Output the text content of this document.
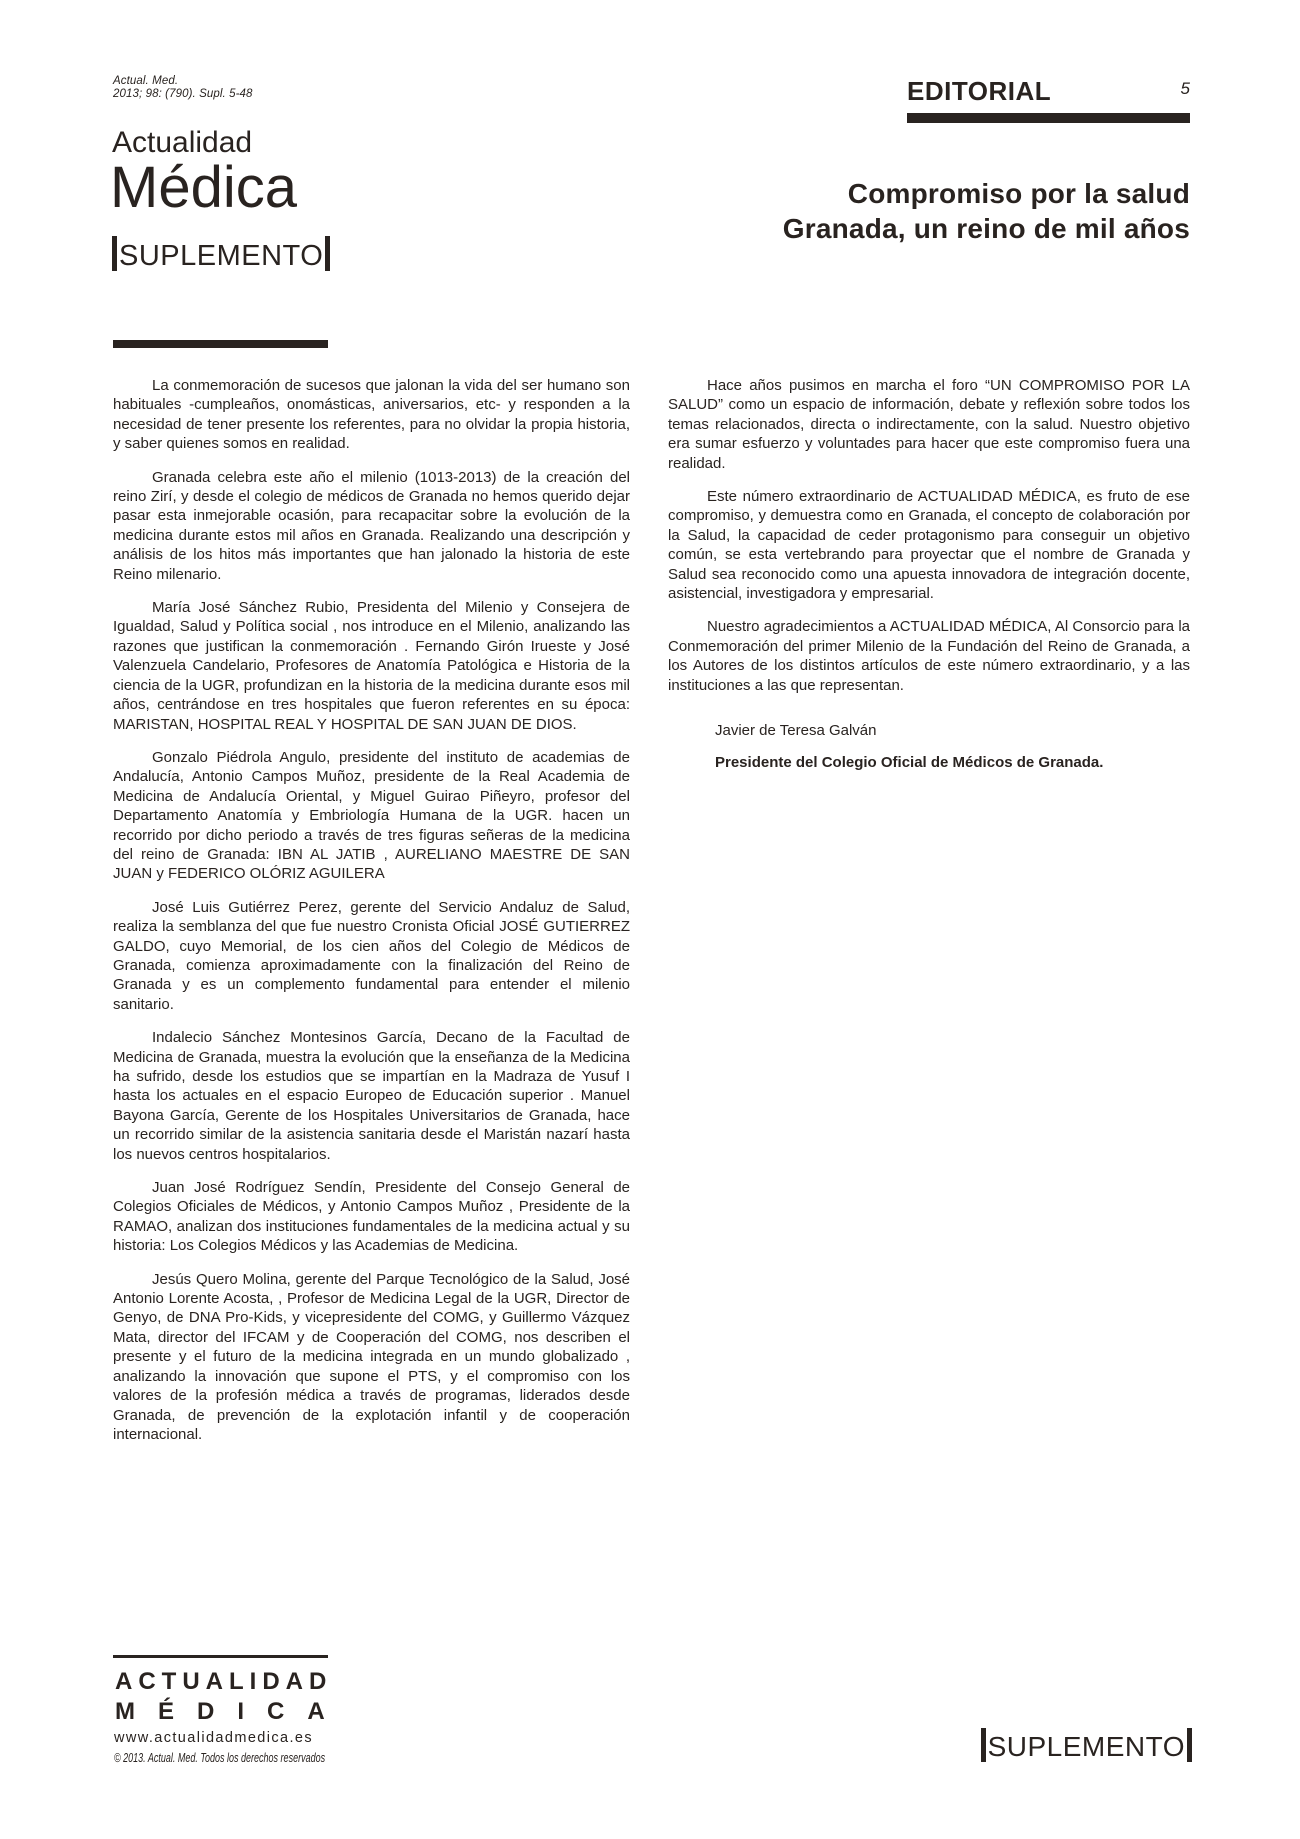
Actual. Med.
2013; 98: (790). Supl. 5-48
Actualidad
Médica
SUPLEMENTO
EDITORIAL	5
Compromiso por la salud
Granada, un reino de mil años

La conmemoración de sucesos que jalonan la vida del ser humano son habituales -cumpleaños, onomásticas, aniversarios, etc- y responden a la necesidad de tener presente los referentes, para no olvidar la propia historia, y saber quienes somos en realidad.

Granada celebra este año el milenio (1013-2013) de la creación del reino Zirí, y desde el colegio de médicos de Granada no hemos querido dejar pasar esta inmejorable ocasión, para recapacitar sobre la evolución de la medicina durante estos mil años en Granada. Realizando una descripción y análisis de los hitos más importantes que han jalonado la historia de este Reino milenario.

María José Sánchez Rubio, Presidenta del Milenio y Consejera de Igualdad, Salud y Política social , nos introduce en el Milenio, analizando las razones que justifican la conmemoración . Fernando Girón Irueste y José Valenzuela Candelario, Profesores de Anatomía Patológica e Historia de la ciencia de la UGR, profundizan en la historia de la medicina durante esos mil años, centrándose en tres hospitales que fueron referentes en su época: MARISTAN, HOSPITAL REAL Y HOSPITAL DE SAN JUAN DE DIOS.

Gonzalo Piédrola Angulo, presidente del instituto de academias de Andalucía, Antonio Campos Muñoz, presidente de la Real Academia de Medicina de Andalucía Oriental, y Miguel Guirao Piñeyro, profesor del Departamento Anatomía y Embriología Humana de la UGR. hacen un recorrido por dicho periodo a través de tres figuras señeras de la medicina del reino de Granada: IBN AL JATIB , AURELIANO MAESTRE DE SAN JUAN y FEDERICO OLÓRIZ AGUILERA

José Luis Gutiérrez Perez, gerente del Servicio Andaluz de Salud, realiza la semblanza del que fue nuestro Cronista Oficial JOSÉ GUTIERREZ GALDO, cuyo Memorial, de los cien años del Colegio de Médicos de Granada, comienza aproximadamente con la finalización del Reino de Granada y es un complemento fundamental para entender el milenio sanitario.

Indalecio Sánchez Montesinos García, Decano de la Facultad de Medicina de Granada, muestra la evolución que la enseñanza de la Medicina ha sufrido, desde los estudios que se impartían en la Madraza de Yusuf I hasta los actuales en el espacio Europeo de Educación superior . Manuel Bayona García, Gerente de los Hospitales Universitarios de Granada, hace un recorrido similar de la asistencia sanitaria desde el Maristán nazarí hasta los nuevos centros hospitalarios.

Juan José Rodríguez Sendín, Presidente del Consejo General de Colegios Oficiales de Médicos, y Antonio Campos Muñoz , Presidente de la RAMAO, analizan dos instituciones fundamentales de la medicina actual y su historia: Los Colegios Médicos y las Academias de Medicina.

Jesús Quero Molina, gerente del Parque Tecnológico de la Salud, José Antonio Lorente Acosta, , Profesor de Medicina Legal de la UGR, Director de Genyo, de DNA Pro-Kids, y vicepresidente del COMG, y Guillermo Vázquez Mata, director del IFCAM y de Cooperación del COMG, nos describen el presente y el futuro de la medicina integrada en un mundo globalizado , analizando la innovación que supone el PTS, y el compromiso con los valores de la profesión médica a través de programas, liderados desde Granada, de prevención de la explotación infantil y de cooperación internacional.

Hace años pusimos en marcha el foro “UN COMPROMISO POR LA SALUD” como un espacio de información, debate y reflexión sobre todos los temas relacionados, directa o indirectamente, con la salud. Nuestro objetivo era sumar esfuerzo y voluntades para hacer que este compromiso fuera una realidad.

Este número extraordinario de ACTUALIDAD MÉDICA, es fruto de ese compromiso, y demuestra como en Granada, el concepto de colaboración por la Salud, la capacidad de ceder protagonismo para conseguir un objetivo común, se esta vertebrando para proyectar que el nombre de Granada y Salud sea reconocido como una apuesta innovadora de integración docente, asistencial, investigadora y empresarial.

Nuestro agradecimientos a ACTUALIDAD MÉDICA, Al Consorcio para la Conmemoración del primer Milenio de la Fundación del Reino de Granada, a los Autores de los distintos artículos de este número extraordinario, y a las instituciones a las que representan.

Javier de Teresa Galván
Presidente del Colegio Oficial de Médicos de Granada.
ACTUALIDAD
MÉDICA
www.actualidadmedica.es
© 2013. Actual. Med. Todos los derechos reservados	SUPLEMENTO
